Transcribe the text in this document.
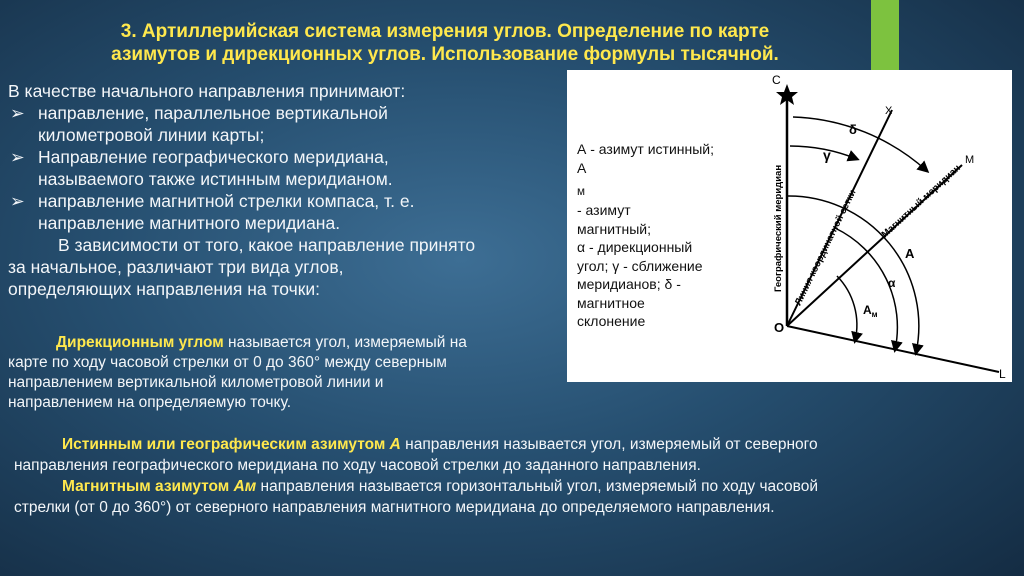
3. Артиллерийская система измерения углов. Определение по карте
азимутов и дирекционных углов. Использование формулы тысячной.
В качестве начального направления принимают:
➢ направление, параллельное вертикальной
километровой линии карты;
➢ Направление географического меридиана,
называемого также истинным меридианом.
➢ направление магнитной стрелки компаса, т. е.
направление магнитного меридиана.
В зависимости от того, какое направление принято
за начальное, различают три вида углов,
определяющих направления на точки:
Дирекционным углом называется угол, измеряемый на
карте по ходу часовой стрелки от 0 до 360° между северным
направлением вертикальной километровой линии и
направлением на определяемую точку.
Истинным или географическим азимутом А направления называется угол, измеряемый от северного
направления географического меридиана по ходу часовой стрелки до заданного направления.
Магнитным азимутом Ам направления называется горизонтальный угол, измеряемый по ходу часовой
стрелки (от 0 до 360°) от северного направления магнитного меридиана до определяемого направления.
С
X
М
L
O
δ
γ
А
α
$А_м$
Географический меридиан Линия координатной сетки Магнитный меридиан
А - азимут истинный;
А
$_м$
- азимут
магнитный;
α - дирекционный
угол; γ - сближение
меридианов; δ -
магнитное
склонение
